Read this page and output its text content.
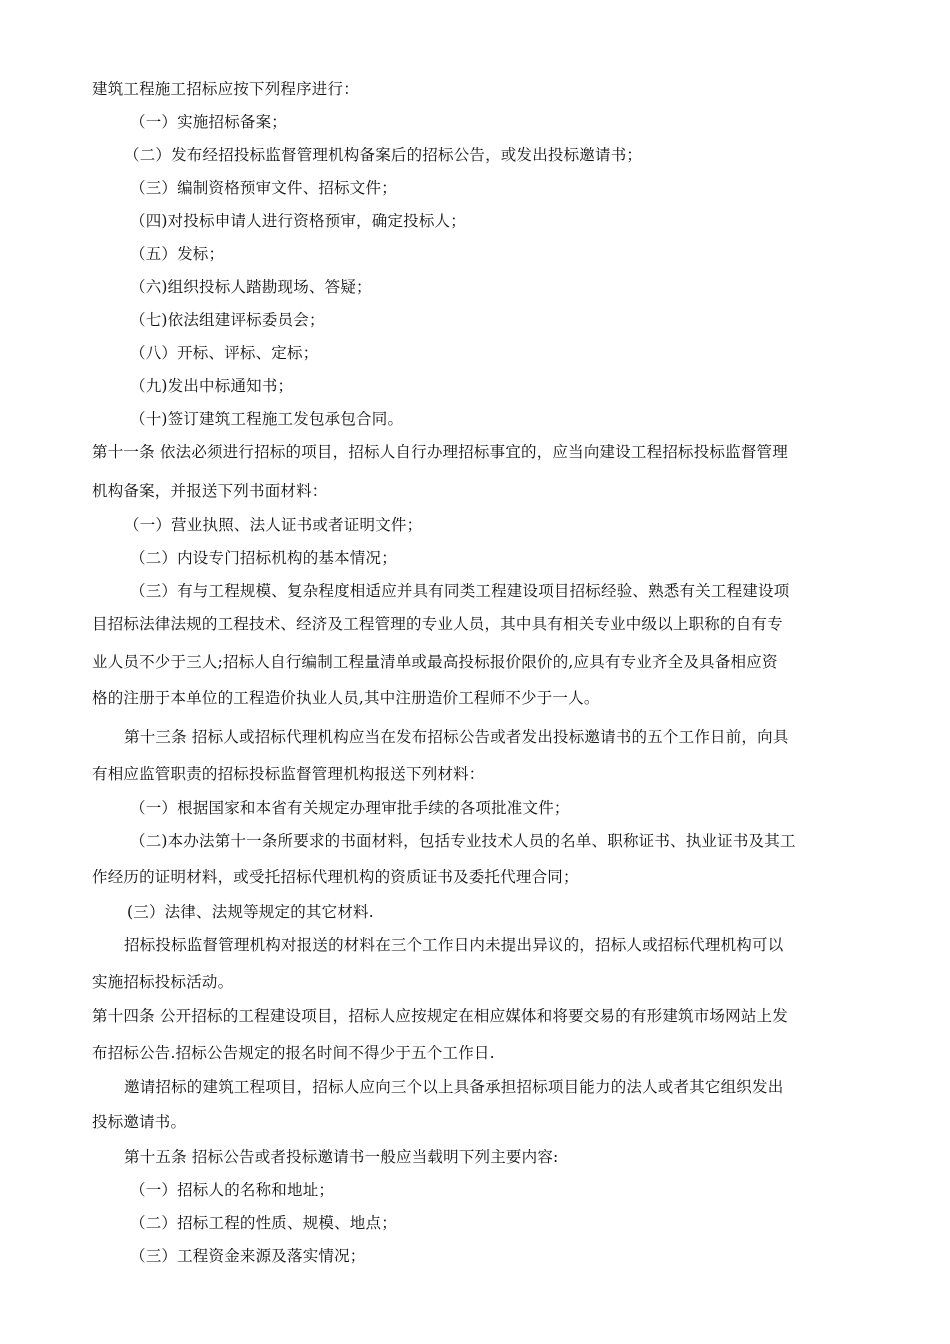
建筑工程施工招标应按下列程序进行：
（一）实施招标备案；
（二）发布经招投标监督管理机构备案后的招标公告，或发出投标邀请书；
（三）编制资格预审文件、招标文件；
（四)对投标申请人进行资格预审，确定投标人；
（五）发标；
（六)组织投标人踏勘现场、答疑；
（七)依法组建评标委员会；
（八）开标、评标、定标；
（九)发出中标通知书；
（十)签订建筑工程施工发包承包合同。
第十一条 依法必须进行招标的项目，招标人自行办理招标事宜的，应当向建设工程招标投标监督管理
机构备案，并报送下列书面材料：
（一）营业执照、法人证书或者证明文件；
（二）内设专门招标机构的基本情况；
（三）有与工程规模、复杂程度相适应并具有同类工程建设项目招标经验、熟悉有关工程建设项
目招标法律法规的工程技术、经济及工程管理的专业人员，其中具有相关专业中级以上职称的自有专
业人员不少于三人;招标人自行编制工程量清单或最高投标报价限价的,应具有专业齐全及具备相应资
格的注册于本单位的工程造价执业人员,其中注册造价工程师不少于一人。
第十三条 招标人或招标代理机构应当在发布招标公告或者发出投标邀请书的五个工作日前，向具
有相应监管职责的招标投标监督管理机构报送下列材料：
（一）根据国家和本省有关规定办理审批手续的各项批准文件；
（二)本办法第十一条所要求的书面材料，包括专业技术人员的名单、职称证书、执业证书及其工
作经历的证明材料，或受托招标代理机构的资质证书及委托代理合同；
(三）法律、法规等规定的其它材料.
招标投标监督管理机构对报送的材料在三个工作日内未提出异议的，招标人或招标代理机构可以
实施招标投标活动。
第十四条 公开招标的工程建设项目，招标人应按规定在相应媒体和将要交易的有形建筑市场网站上发
布招标公告.招标公告规定的报名时间不得少于五个工作日.
邀请招标的建筑工程项目，招标人应向三个以上具备承担招标项目能力的法人或者其它组织发出
投标邀请书。
第十五条 招标公告或者投标邀请书一般应当载明下列主要内容:
（一）招标人的名称和地址；
（二）招标工程的性质、规模、地点；
（三）工程资金来源及落实情况；
